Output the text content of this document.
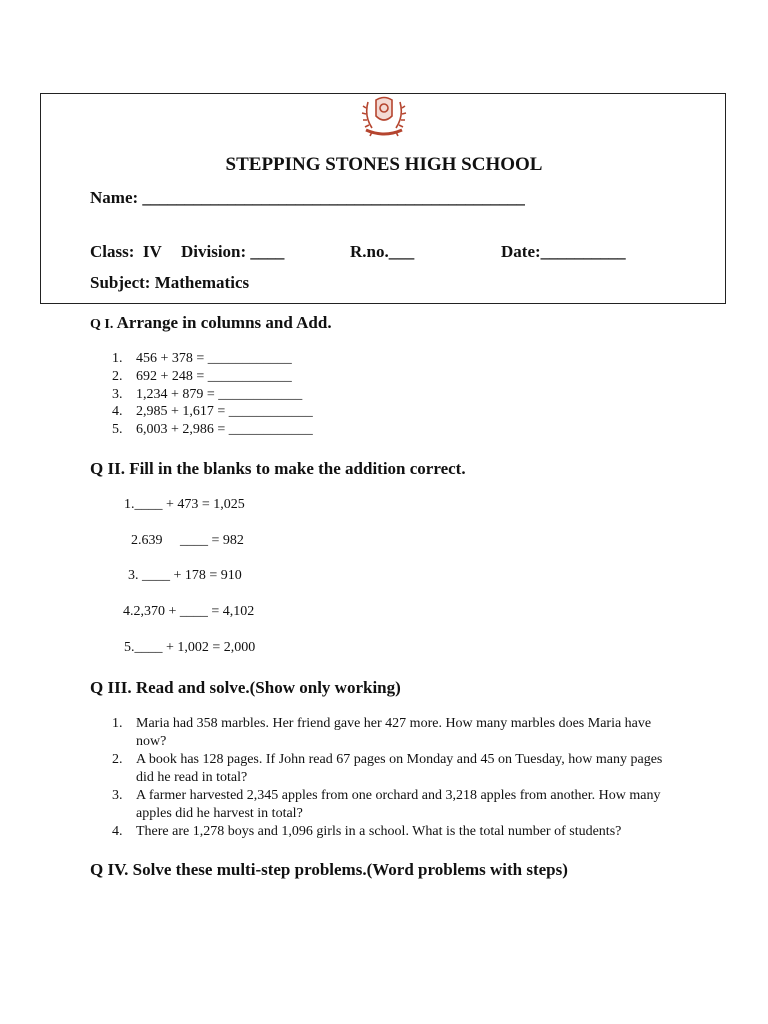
STEPPING STONES HIGH SCHOOL
Name: _____________________________________________
Class:  IV Division: ____	R.no.___	Date:__________
Subject: Mathematics
Q I. Arrange in columns and Add.
1. 456 + 378 = ____________
2. 692 + 248 = ____________
3. 1,234 + 879 = ____________
4. 2,985 + 1,617 = ____________
5. 6,003 + 2,986 = ____________
Q II. Fill in the blanks to make the addition correct.
1.____ + 473 = 1,025
2.639     ____ = 982
3. ____ + 178 = 910
4.2,370 + ____ = 4,102
5.____ + 1,002 = 2,000
Q III. Read and solve.(Show only working)
1. Maria had 358 marbles. Her friend gave her 427 more. How many marbles does Maria have now?
2. A book has 128 pages. If John read 67 pages on Monday and 45 on Tuesday, how many pages did he read in total?
3. A farmer harvested 2,345 apples from one orchard and 3,218 apples from another. How many apples did he harvest in total?
4. There are 1,278 boys and 1,096 girls in a school. What is the total number of students?
Q IV. Solve these multi-step problems.(Word problems with steps)
